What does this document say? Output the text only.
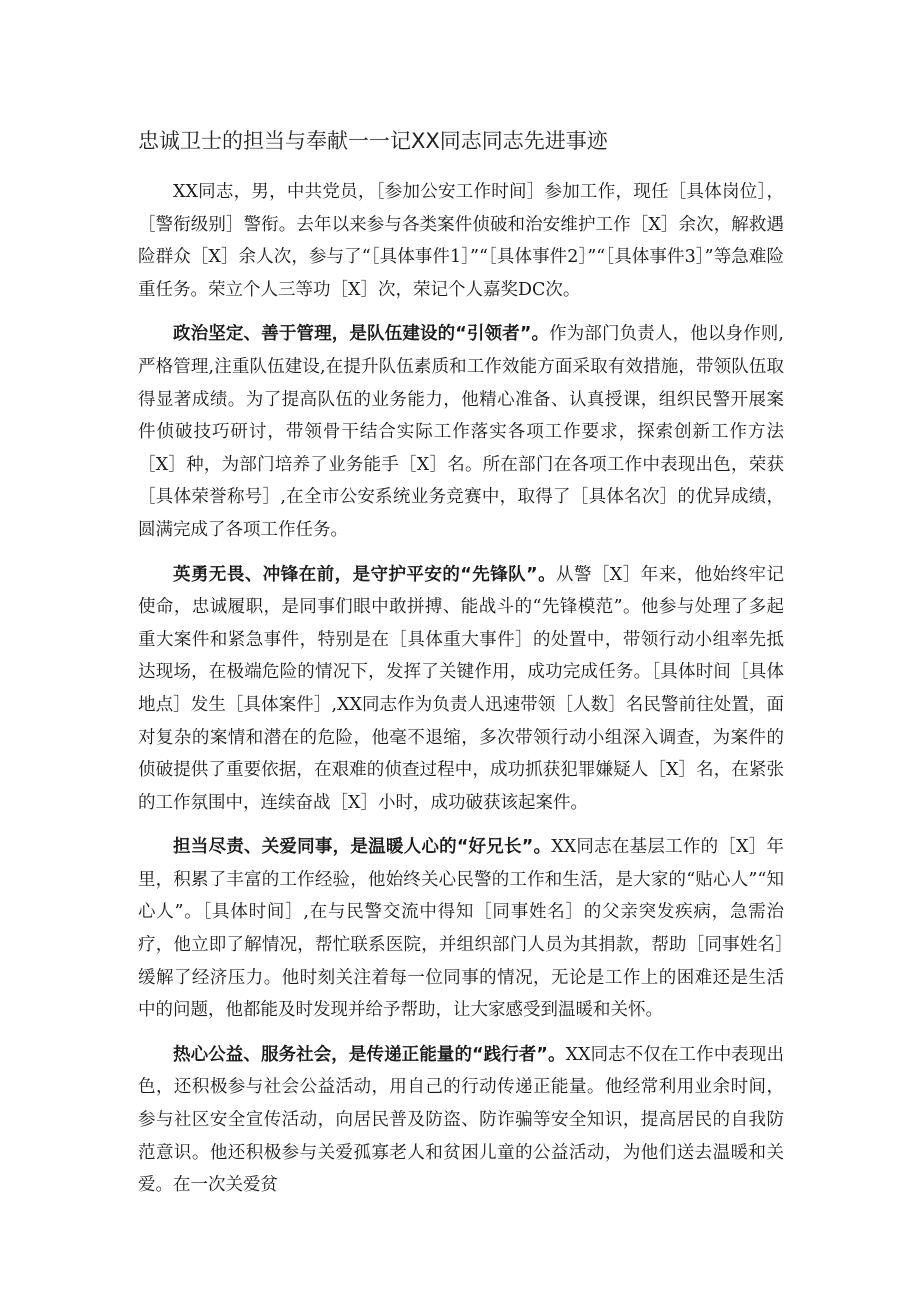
忠诚卫士的担当与奉献一一记XX同志同志先进事迹

XX同志，男，中共党员，［参加公安工作时间］参加工作，现任［具体岗位］，［警衔级别］警衔。去年以来参与各类案件侦破和治安维护工作［X］余次，解救遇险群众［X］余人次，参与了“［具体事件1］”“［具体事件2］”“［具体事件3］”等急难险重任务。荣立个人三等功［X］次，荣记个人嘉奖DC次。

政治坚定、善于管理，是队伍建设的“引领者”。作为部门负责人，他以身作则,严格管理,注重队伍建设,在提升队伍素质和工作效能方面采取有效措施，带领队伍取得显著成绩。为了提高队伍的业务能力，他精心准备、认真授课，组织民警开展案件侦破技巧研讨，带领骨干结合实际工作落实各项工作要求，探索创新工作方法［X］种，为部门培养了业务能手［X］名。所在部门在各项工作中表现出色，荣获［具体荣誉称号］,在全市公安系统业务竞赛中，取得了［具体名次］的优异成绩，圆满完成了各项工作任务。

英勇无畏、冲锋在前，是守护平安的“先锋队”。从警［X］年来，他始终牢记使命，忠诚履职，是同事们眼中敢拼搏、能战斗的“先锋模范”。他参与处理了多起重大案件和紧急事件，特别是在［具体重大事件］的处置中，带领行动小组率先抵达现场，在极端危险的情况下，发挥了关键作用，成功完成任务。［具体时间［具体地点］发生［具体案件］,XX同志作为负责人迅速带领［人数］名民警前往处置，面对复杂的案情和潜在的危险，他毫不退缩，多次带领行动小组深入调查，为案件的侦破提供了重要依据，在艰难的侦查过程中，成功抓获犯罪嫌疑人［X］名，在紧张的工作氛围中，连续奋战［X］小时，成功破获该起案件。

担当尽责、关爱同事，是温暖人心的“好兄长”。XX同志在基层工作的［X］年里，积累了丰富的工作经验，他始终关心民警的工作和生活，是大家的“贴心人”“知心人”。［具体时间］,在与民警交流中得知［同事姓名］的父亲突发疾病，急需治疗，他立即了解情况，帮忙联系医院，并组织部门人员为其捐款，帮助［同事姓名］缓解了经济压力。他时刻关注着每一位同事的情况，无论是工作上的困难还是生活中的问题，他都能及时发现并给予帮助，让大家感受到温暖和关怀。

热心公益、服务社会，是传递正能量的“践行者”。XX同志不仅在工作中表现出色，还积极参与社会公益活动，用自己的行动传递正能量。他经常利用业余时间，参与社区安全宣传活动，向居民普及防盗、防诈骗等安全知识，提高居民的自我防范意识。他还积极参与关爱孤寡老人和贫困儿童的公益活动，为他们送去温暖和关爱。在一次关爱贫
